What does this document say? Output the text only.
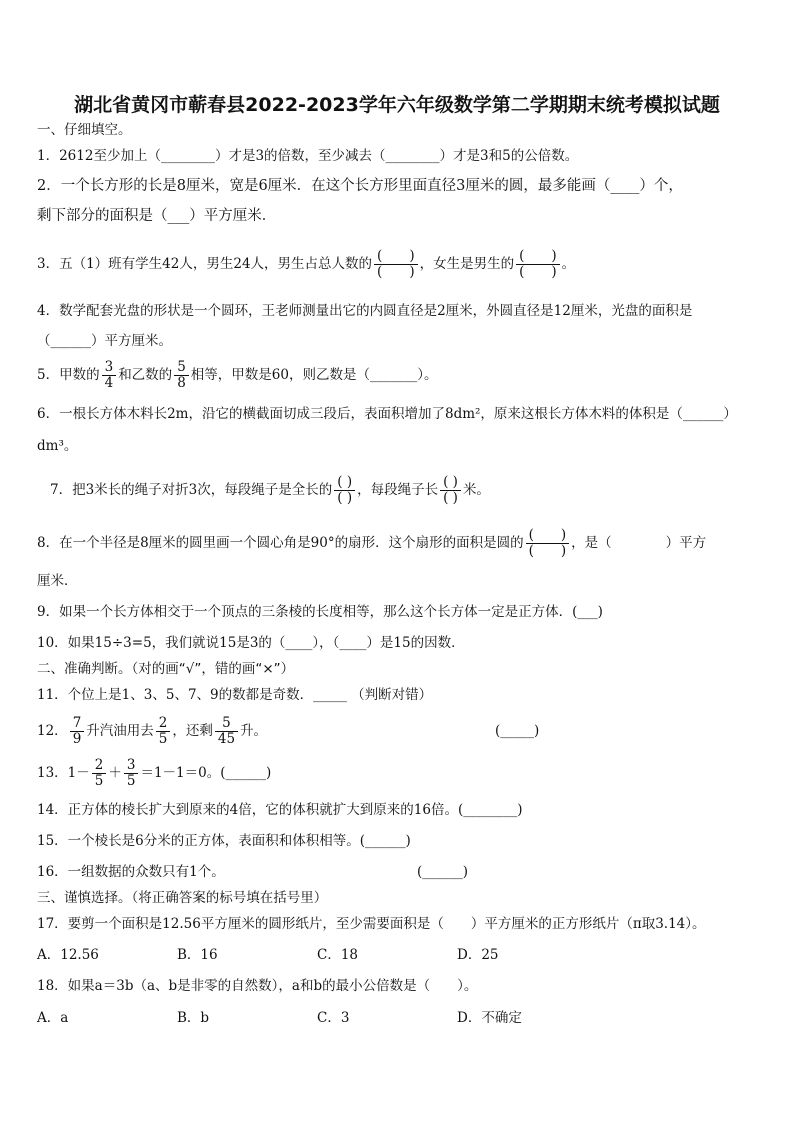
湖北省黄冈市蕲春县2022-2023学年六年级数学第二学期期末统考模拟试题
一、仔细填空。
1．2612至少加上（________）才是3的倍数，至少减去（________）才是3和5的公倍数。
2．一个长方形的长是8厘米，宽是6厘米．在这个长方形里面直径3厘米的圆，最多能画（____）个，
剩下部分的面积是（___）平方厘米．
3．五（1）班有学生42人，男生24人，男生占总人数的 $\frac{( )}{( )}$ ，女生是男生的 $\frac{( )}{( )}$ 。
4．数学配套光盘的形状是一个圆环，王老师测量出它的内圆直径是2厘米，外圆直径是12厘米，光盘的面积是
（______）平方厘米。
5．甲数的 $\frac{3}{4}$ 和乙数的 $\frac{5}{8}$ 相等，甲数是60，则乙数是（_______）。
6．一根长方体木料长2m，沿它的横截面切成三段后，表面积增加了8dm²，原来这根长方体木料的体积是（______）
dm³。
7．把3米长的绳子对折3次，每段绳子是全长的 $\frac{( )}{( )}$ ，每段绳子长 $\frac{( )}{( )}$ 米。
8．在一个半径是8厘米的圆里画一个圆心角是90°的扇形．这个扇形的面积是圆的 $\frac{( )}{( )}$ ，是（　　　　）平方
厘米．
9．如果一个长方体相交于一个顶点的三条棱的长度相等，那么这个长方体一定是正方体．(___)
10．如果15÷3=5，我们就说15是3的（____），（____）是15的因数．
二、准确判断。（对的画“√”，错的画“×”）
11．个位上是1、3、5、7、9的数都是奇数．_____ （判断对错）
12． $\frac{7}{9}$ 升汽油用去 $\frac{2}{5}$ ，还剩 $\frac{5}{45}$ 升。	(_____)
13．$1- \frac{2}{5} + \frac{3}{5} =1-1=0$。(______)
14．正方体的棱长扩大到原来的4倍，它的体积就扩大到原来的16倍。(________)
15．一个棱长是6分米的正方体，表面积和体积相等。(______)
16．一组数据的众数只有1个。	(______)
三、谨慎选择。（将正确答案的标号填在括号里）
17．要剪一个面积是12.56平方厘米的圆形纸片，至少需要面积是（　　）平方厘米的正方形纸片（π取3.14）。
A．12.56	B．16	C．18	D．25
18．如果a＝3b（a、b是非零的自然数），a和b的最小公倍数是（　　）。
A．a	B．b	C．3	D．不确定
